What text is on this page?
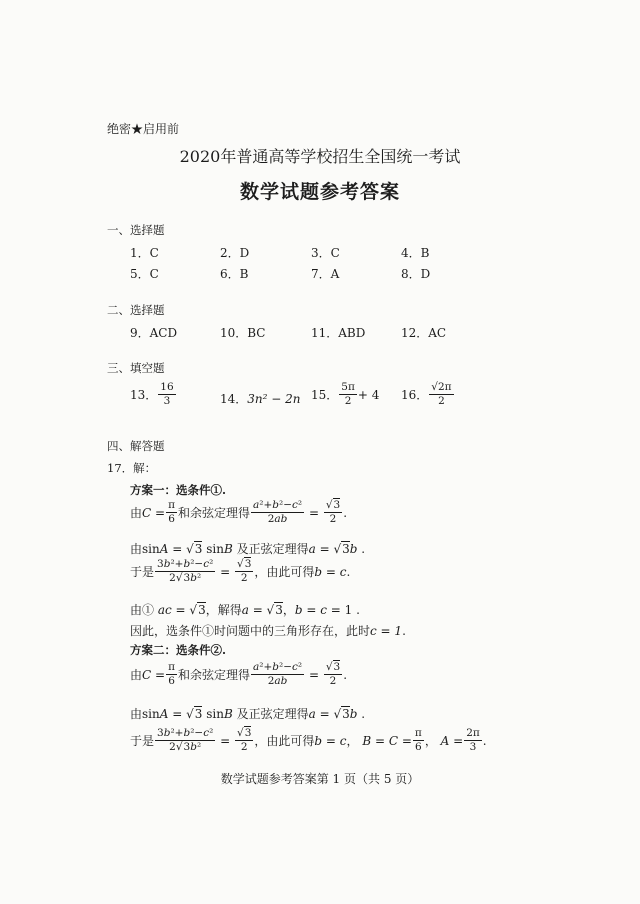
绝密★启用前
2020年普通高等学校招生全国统一考试
数学试题参考答案
一、选择题
1．C	2．D	3．C	4．B
5．C	6．B	7．A	8．D
二、选择题
9．ACD	10．BC	11．ABD	12．AC
三、填空题
13． $\frac{16}{3}$	14．3n² − 2n 15． $\frac{5\pi}{2} + 4$ 16． $\frac{√2\pi}{2}$
四、解答题
17．解：
方案一：选条件①.
由 $C = \frac{\pi}{6}$ 和余弦定理得 $\frac{\text{a²+b²−c²}}{2ab} = \frac{√3}{2}$ .
由sinA = √3 sinB 及正弦定理得a = √3b .
于是 $\frac{\text{3b²+b²−c²}}{\text{2√3b²}} = \frac{√3}{2}$ ，由此可得 b = c .
由① ac = √3，解得a = √3，b = c = 1 .
因此，选条件①时问题中的三角形存在，此时c = 1.
方案二：选条件②.
由 $C = \frac{\pi}{6}$ 和余弦定理得 $\frac{\text{a²+b²−c²}}{2ab} = \frac{√3}{2}$ .
由sinA = √3 sinB 及正弦定理得a = √3b .
于是 $\frac{\text{3b²+b²−c²}}{\text{2√3b²}} = \frac{√3}{2}$ ，由此可得 b = c ， $B = C = \frac{\pi}{6}$ ， $A = \frac{2\pi}{3}$ .
数学试题参考答案第 1 页（共 5 页）
